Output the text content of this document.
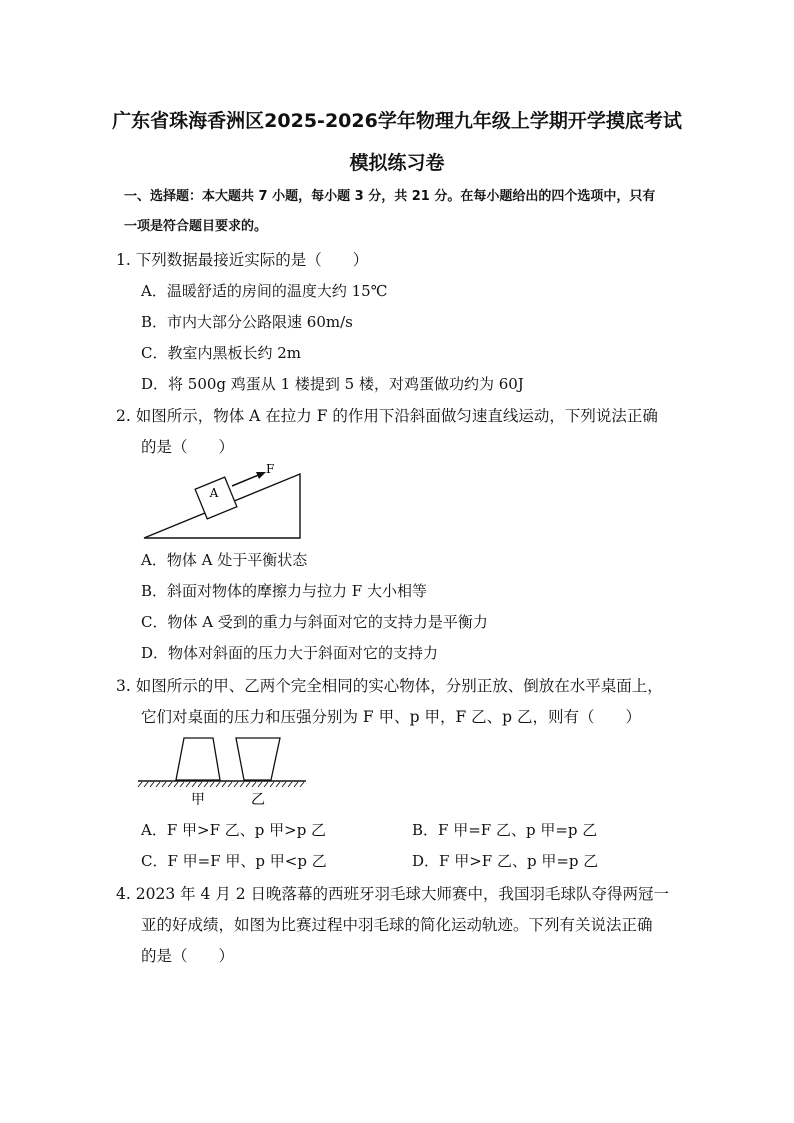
广东省珠海香洲区2025-2026学年物理九年级上学期开学摸底考试
模拟练习卷
一、选择题：本大题共 7 小题，每小题 3 分，共 21 分。在每小题给出的四个选项中，只有
一项是符合题目要求的。
1. 下列数据最接近实际的是（　　）
A．温暖舒适的房间的温度大约 15℃
B．市内大部分公路限速 60m/s
C．教室内黑板长约 2m
D．将 500g 鸡蛋从 1 楼提到 5 楼，对鸡蛋做功约为 60J
2. 如图所示，物体 A 在拉力 F 的作用下沿斜面做匀速直线运动，下列说法正确
的是（　　）
A
F
A．物体 A 处于平衡状态
B．斜面对物体的摩擦力与拉力 F 大小相等
C．物体 A 受到的重力与斜面对它的支持力是平衡力
D．物体对斜面的压力大于斜面对它的支持力
3. 如图所示的甲、乙两个完全相同的实心物体，分别正放、倒放在水平桌面上，
它们对桌面的压力和压强分别为 F 甲、p 甲，F 乙、p 乙，则有（　　）
甲	乙
A．F 甲>F 乙、p 甲>p 乙	B．F 甲=F 乙、p 甲=p 乙
C．F 甲=F 甲、p 甲<p 乙	D．F 甲>F 乙、p 甲=p 乙
4. 2023 年 4 月 2 日晚落幕的西班牙羽毛球大师赛中，我国羽毛球队夺得两冠一
亚的好成绩，如图为比赛过程中羽毛球的简化运动轨迹。下列有关说法正确
的是（　　）
